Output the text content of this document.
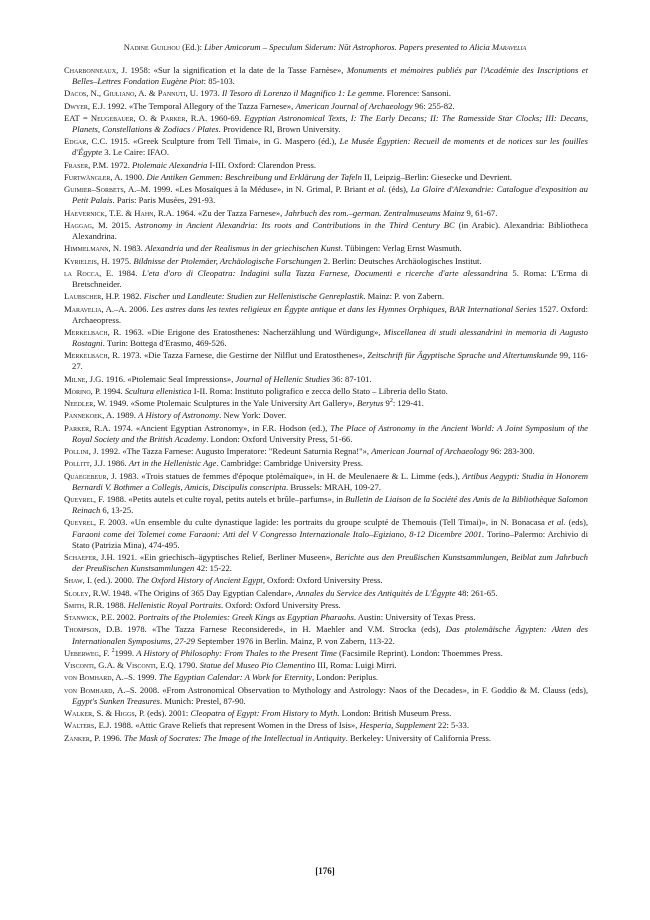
Nadine Guilhou (Ed.): Liber Amicorum – Speculum Siderum: Nūt Astrophoros. Papers presented to Alicia Maravelia

Charbonneaux, J. 1958: «Sur la signification et la date de la Tasse Farnèse», Monuments et mémoires publiés par l'Académie des Inscriptions et Belles–Lettres Fondation Eugène Piot: 85-103.

Dacos, N., Giuliano, A. & Pannuti, U. 1973. Il Tesoro di Lorenzo il Magnifico 1: Le gemme. Florence: Sansoni.

Dwyer, E.J. 1992. «The Temporal Allegory of the Tazza Farnese», American Journal of Archaeology 96: 255-82.

EAT = Neugebauer, O. & Parker, R.A. 1960-69. Egyptian Astronomical Texts, I: The Early Decans; II: The Ramesside Star Clocks; III: Decans, Planets, Constellations & Zodiacs / Plates. Providence RI, Brown University.

Edgar, C.C. 1915. «Greek Sculpture from Tell Timai», in G. Maspero (éd.), Le Musée Égyptien: Recueil de moments et de notices sur les fouilles d'Égypte 3. Le Caire: IFAO.

Fraser, P.M. 1972. Ptolemaic Alexandria I-III. Oxford: Clarendon Press.

Furtwängler, A. 1900. Die Antiken Gemmen: Beschreibung und Erklärung der Tafeln II, Leipzig–Berlin: Giesecke und Devrient.

Guimier–Sorbets, A.–M. 1999. «Les Mosaïques à la Méduse», in N. Grimal, P. Briant et al. (éds), La Gloire d'Alexandrie: Catalogue d'exposition au Petit Palais. Paris: Paris Musées, 291-93.

Haevernick, T.E. & Hahn, R.A. 1964. «Zu der Tazza Farnese», Jahrbuch des rom.–german. Zentralmuseums Mainz 9, 61-67.

Haggag, M. 2015. Astronomy in Ancient Alexandria: Its roots and Contributions in the Third Century BC (in Arabic). Alexandria: Bibliotheca Alexandrina.

Himmelmann, N. 1983. Alexandria und der Realismus in der griechischen Kunst. Tübingen: Verlag Ernst Wasmuth.

Kyrieleis, H. 1975. Bildnisse der Ptolemäer, Archäologische Forschungen 2. Berlin: Deutsches Archäologisches Institut.

la Rocca, E. 1984. L'eta d'oro di Cleopatra: Indagini sulla Tazza Farnese, Documenti e ricerche d'arte alessandrina 5. Roma: L'Erma di Bretschneider.

Laubscher, H.P. 1982. Fischer und Landleute: Studien zur Hellenistische Genreplastik. Mainz: P. von Zabern.

Maravelia, A.–A. 2006. Les astres dans les textes religieux en Égypte antique et dans les Hymnes Orphiques, BAR International Series 1527. Oxford: Archaeopress.

Merkelbach, R. 1963. «Die Erigone des Eratosthenes: Nacherzählung und Würdigung», Miscellanea di studi alessandrini in memoria di Augusto Rostagni. Turin: Bottega d'Erasmo, 469-526.

Merkelbach, R. 1973. «Die Tazza Farnese, die Gestirne der Nilflut und Eratosthenes», Zeitschrift für Ägyptische Sprache und Altertumskunde 99, 116-27.

Milne, J.G. 1916. «Ptolemaic Seal Impressions», Journal of Hellenic Studies 36: 87-101.

Morino, P. 1994. Scultura ellenistica I-II. Roma: Instituto poligrafico e zecca dello Stato – Libreria dello Stato.

Needler, W. 1949. «Some Ptolemaic Sculptures in the Yale University Art Gallery», Berytus $9^2$: 129-41.

Pannekoek, A. 1989. A History of Astronomy. New York: Dover.

Parker, R.A. 1974. «Ancient Egyptian Astronomy», in F.R. Hodson (ed.), The Place of Astronomy in the Ancient World: A Joint Symposium of the Royal Society and the British Academy. London: Oxford University Press, 51-66.

Pollini, J. 1992. «The Tazza Farnese: Augusto Imperatore: "Redeunt Saturnia Regna!"», American Journal of Archaeology 96: 283-300.

Pollitt, J.J. 1986. Art in the Hellenistic Age. Cambridge: Cambridge University Press.

Quaegebeur, J. 1983. «Trois statues de femmes d'époque ptolémaïque», in H. de Meulenaere & L. Limme (eds.), Artibus Aegypti: Studia in Honorem Bernardi V. Bothmer a Collegis, Amicis, Discipulis conscripta. Brussels: MRAH, 109-27.

Queyrel, F. 1988. «Petits autels et culte royal, petits autels et brûle–parfums», in Bulletin de Liaison de la Société des Amis de la Bibliothèque Salomon Reinach 6, 13-25.

Queyrel, F. 2003. «Un ensemble du culte dynastique lagide: les portraits du groupe sculpté de Themouis (Tell Timai)», in N. Bonacasa et al. (eds), Faraoni come dei Tolemei come Faraoni: Atti del V Congresso Internazionale Italo–Egiziano, 8-12 Dicembre 2001. Torino–Palermo: Archivio di Stato (Patrizia Mina), 474-495.

Schaefer, J.H. 1921. «Ein griechisch–ägyptisches Relief, Berliner Museen», Berichte aus den Preußischen Kunstsammlungen, Beiblat zum Jahrbuch der Preußischen Kunstsammlungen 42: 15-22.

Shaw, I. (ed.). 2000. The Oxford History of Ancient Egypt, Oxford: Oxford University Press.

Sloley, R.W. 1948. «The Origins of 365 Day Egyptian Calendar», Annales du Service des Antiquités de L'Égypte 48: 261-65.

Smith, R.R. 1988. Hellenistic Royal Portraits. Oxford: Oxford University Press.

Stanwick, P.E. 2002. Portraits of the Ptolemies: Greek Kings as Egyptian Pharaohs. Austin: University of Texas Press.

Thompson, D.B. 1978. «The Tazza Farnese Reconsidered», in H. Maehler and V.M. Strocka (eds), Das ptolemäische Ägypten: Akten des Internationalen Symposiums, 27-29 September 1976 in Berlin. Mainz, P. von Zabern, 113-22.

Ueberweg, F. $^2$1999. A History of Philosophy: From Thales to the Present Time (Facsimile Reprint). London: Thoemmes Press.

Visconti, G.A. & Visconti, E.Q. 1790. Statue del Museo Pio Clementino III, Roma: Luigi Mirri.

von Bomhard, A.–S. 1999. The Egyptian Calendar: A Work for Eternity, London: Periplus.

von Bomhard, A.–S. 2008. «From Astronomical Observation to Mythology and Astrology: Naos of the Decades», in F. Goddio & M. Clauss (eds), Egypt's Sunken Treasures. Munich: Prestel, 87-90.

Walker, S. & Higgs, P. (eds). 2001: Cleopatra of Egypt: From History to Myth. London: British Museum Press.

Walters, E.J. 1988. «Attic Grave Reliefs that represent Women in the Dress of Isis», Hesperia, Supplement 22: 5-33.

Zanker, P. 1996. The Mask of Socrates: The Image of the Intellectual in Antiquity. Berkeley: University of California Press.

[176]
